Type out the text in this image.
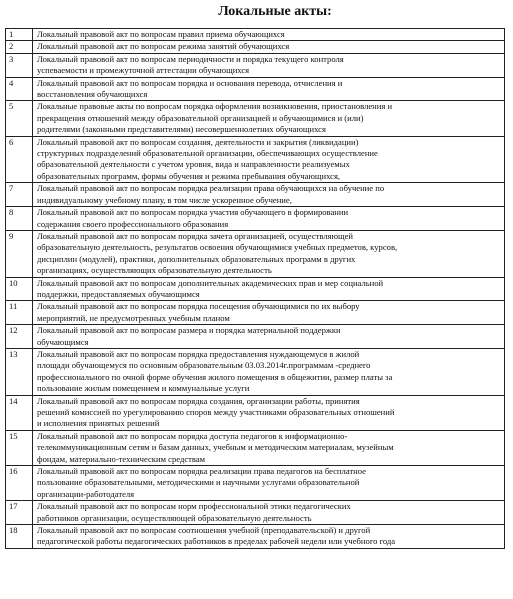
Локальные акты:
1	Локальный правовой акт по вопросам правил приема обучающихся

2	Локальный правовой акт по вопросам режима занятий обучающихся

3	Локальный правовой акт по вопросам периодичности и порядка текущего контроля
успеваемости и промежуточной аттестации обучающихся

4	Локальный правовой акт по вопросам порядка и основания перевода, отчисления и
восстановления обучающихся

5	Локальные правовые акты по вопросам порядка оформления возникновения, приостановления и
прекращения отношений между образовательной организацией и обучающимися и (или)
родителями (законными представителями) несовершеннолетних обучающихся

6	Локальный правовой акт по вопросам создания, деятельности и закрытия (ликвидации)
структурных подразделений образовательной организации, обеспечивающих осуществление
образовательной деятельности с учетом уровня, вида и направленности реализуемых
образовательных программ, формы обучения и режима пребывания обучающихся,

7	Локальный правовой акт по вопросам порядка реализации права обучающихся на обучение по
индивидуальному учебному плану, в том числе ускоренное обучение,

8	Локальный правовой акт по вопросам порядка участия обучающего в формировании
содержания своего профессионального образования

9	Локальный правовой акт по вопросам порядка зачета организацией, осуществляющей
образовательную деятельность, результатов освоения обучающимися учебных предметов, курсов,
дисциплин (модулей), практики, дополнительных образовательных программ в других
организациях, осуществляющих образовательную деятельность

10	Локальный правовой акт по вопросам дополнительных академических прав и мер социальной
поддержки, предоставляемых обучающимся

11	Локальный правовой акт по вопросам порядка посещения обучающимися по их выбору
мероприятий, не предусмотренных учебным планом

12	Локальный правовой акт по вопросам размера и порядка материальной поддержки
обучающимся

13	Локальный правовой акт по вопросам порядка предоставления нуждающемуся в жилой
площади обучающемуся по основным образовательным 03.03.2014г.программам -среднего
профессионального по очной форме обучения жилого помещения в общежитии, размер платы за
пользование жилым помещением и коммунальные услуги

14	Локальный правовой акт по вопросам порядка создания, организации работы, принятия
решений комиссией по урегулированию споров между участниками образовательных отношений
и исполнения принятых решений

15	Локальный правовой акт по вопросам порядка доступа педагогов к информационно-
телекоммуникационным сетям и базам данных, учебным и методическим материалам, музейным
фондам, материально-техническим средствам

16	Локальный правовой акт по вопросам порядка реализации права педагогов на бесплатное
пользование образовательными, методическими и научными услугами образовательной
организации-работодателя

17	Локальный правовой акт по вопросам норм профессиональной этики педагогических
работников организации, осуществляющей образовательную деятельность

18	Локальный правовой акт по вопросам соотношения учебной (преподавательской) и другой
педагогической работы педагогических работников в пределах рабочей недели или учебного года
